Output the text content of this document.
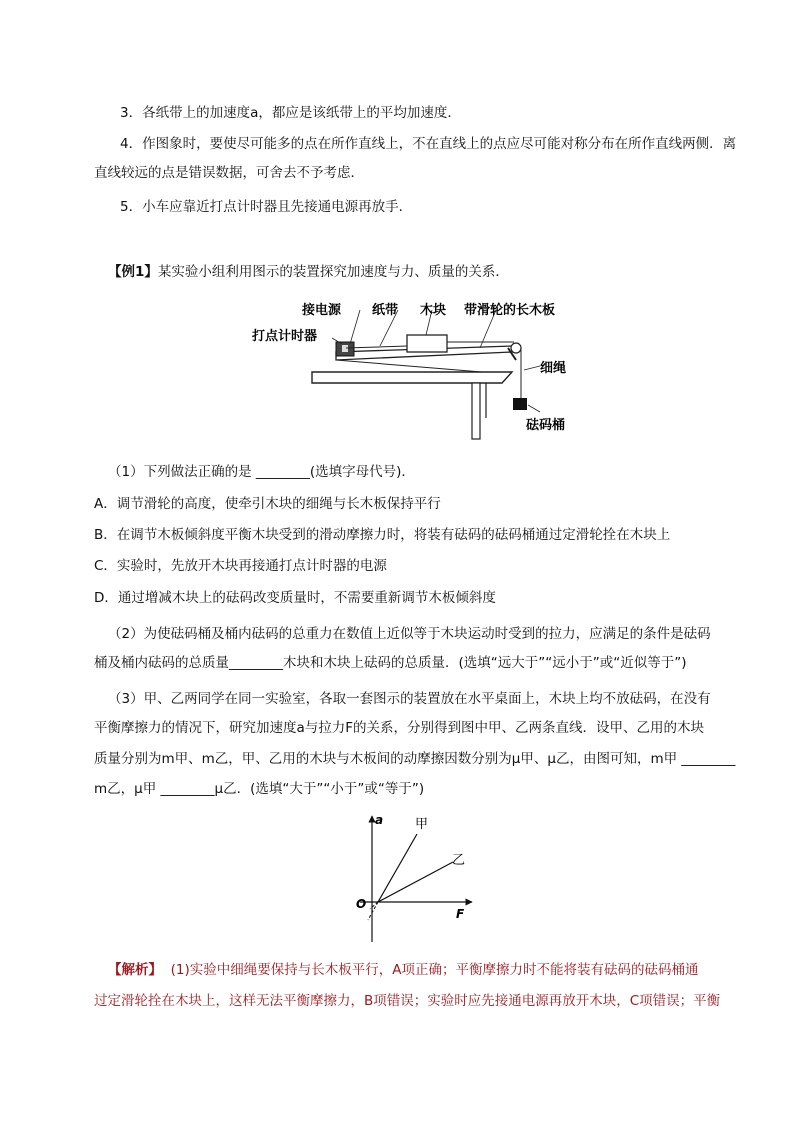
3．各纸带上的加速度a，都应是该纸带上的平均加速度．
4．作图象时，要使尽可能多的点在所作直线上，不在直线上的点应尽可能对称分布在所作直线两侧．离
直线较远的点是错误数据，可舍去不予考虑．
5．小车应靠近打点计时器且先接通电源再放手．
【例1】某实验小组利用图示的装置探究加速度与力、质量的关系．
接电源 纸带 木块 带滑轮的长木板
打点计时器
细绳
砝码桶
（1）下列做法正确的是 ________(选填字母代号)．
A．调节滑轮的高度，使牵引木块的细绳与长木板保持平行
B．在调节木板倾斜度平衡木块受到的滑动摩擦力时，将装有砝码的砝码桶通过定滑轮拴在木块上
C．实验时，先放开木块再接通打点计时器的电源
D．通过增减木块上的砝码改变质量时，不需要重新调节木板倾斜度
（2）为使砝码桶及桶内砝码的总重力在数值上近似等于木块运动时受到的拉力，应满足的条件是砝码
桶及桶内砝码的总质量________木块和木块上砝码的总质量．(选填“远大于”“远小于”或“近似等于”)
（3）甲、乙两同学在同一实验室，各取一套图示的装置放在水平桌面上，木块上均不放砝码，在没有
平衡摩擦力的情况下，研究加速度a与拉力F的关系，分别得到图中甲、乙两条直线．设甲、乙用的木块
质量分别为m甲、m乙，甲、乙用的木块与木板间的动摩擦因数分别为μ甲、μ乙，由图可知，m甲 ________
m乙，μ甲 ________μ乙．(选填“大于”“小于”或“等于”)
a
F
O
甲
乙
【解析】 (1)实验中细绳要保持与长木板平行，A项正确；平衡摩擦力时不能将装有砝码的砝码桶通
过定滑轮拴在木块上，这样无法平衡摩擦力，B项错误；实验时应先接通电源再放开木块，C项错误；平衡
